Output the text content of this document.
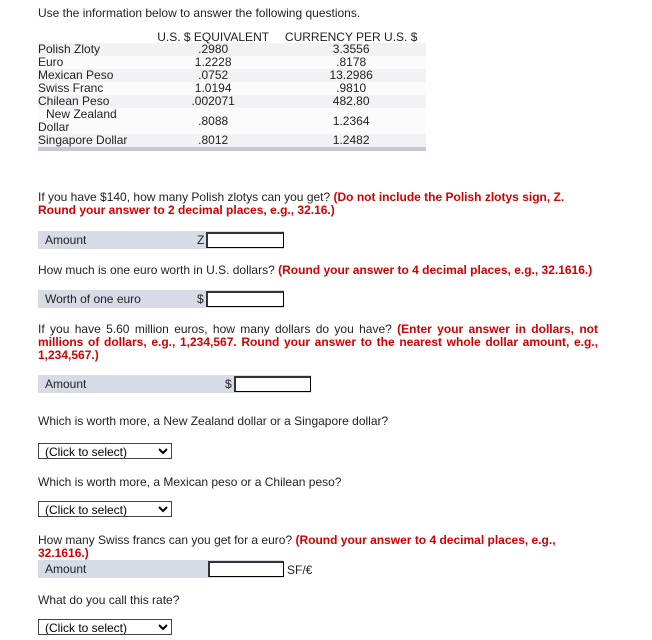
Use the information below to answer the following questions.
	U.S. $ EQUIVALENT	CURRENCY PER U.S. $
Polish Zloty	.2980	3.3556
Euro	1.2228	.8178
Mexican Peso	.0752	13.2986
Swiss Franc	1.0194	.9810
Chilean Peso	.002071	482.80
New Zealand
Dollar	.8088	1.2364
Singapore Dollar	.8012	1.2482
If you have $140, how many Polish zlotys can you get? (Do not include the Polish zlotys sign, Z. Round your answer to 2 decimal places, e.g., 32.16.)
Amount	Z
How much is one euro worth in U.S. dollars? (Round your answer to 4 decimal places, e.g., 32.1616.)
Worth of one euro	$
If you have 5.60 million euros, how many dollars do you have? (Enter your answer in dollars, not millions of dollars, e.g., 1,234,567. Round your answer to the nearest whole dollar amount, e.g., 1,234,567.)
Amount	$
Which is worth more, a New Zealand dollar or a Singapore dollar?
(Click to select)
Which is worth more, a Mexican peso or a Chilean peso?
(Click to select)
How many Swiss francs can you get for a euro? (Round your answer to 4 decimal places, e.g., 32.1616.)
Amount	SF/€
What do you call this rate?
(Click to select)
